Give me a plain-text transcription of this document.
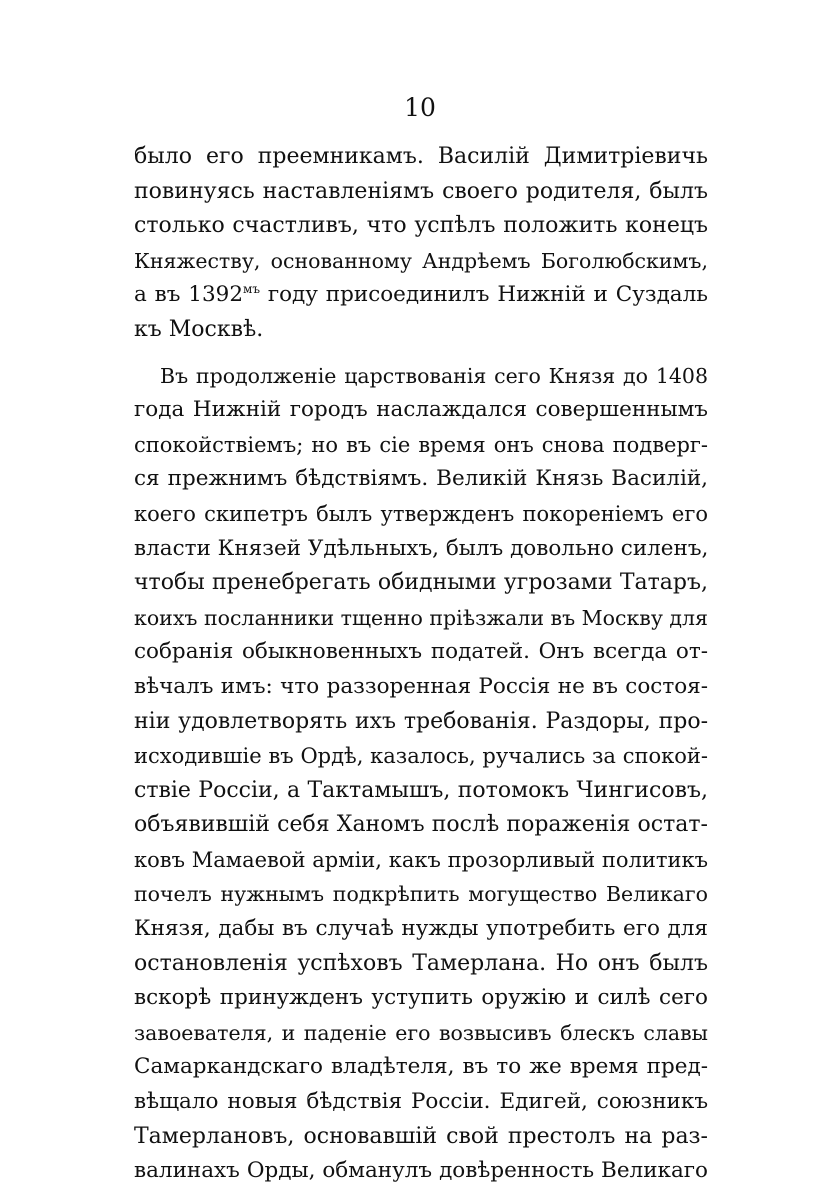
10
было его преемникамъ. Василій Димитріевичь
повинуясь наставленіямъ своего родителя, былъ
столько счастливъ, что успѣлъ положить конецъ
Княжеству, основанному Андрѣемъ Боголюбскимъ,
а въ $1392^{мъ}$ году присоединилъ Нижній и Суздаль
къ Москвѣ.
Въ продолженіе царствованія сего Князя до 1408
года Нижній городъ наслаждался совершеннымъ
спокойствіемъ; но въ сіе время онъ снова подверг-
ся прежнимъ бѣдствіямъ. Великій Князь Василій,
коего скипетръ былъ утвержденъ покореніемъ его
власти Князей Удѣльныхъ, былъ довольно силенъ,
чтобы пренебрегать обидными угрозами Татаръ,
коихъ посланники тщенно пріѣзжали въ Москву для
собранія обыкновенныхъ податей. Онъ всегда от-
вѣчалъ имъ: что раззоренная Россія не въ состоя-
ніи удовлетворять ихъ требованія. Раздоры, про-
исходившіе въ Ордѣ, казалось, ручались за спокой-
ствіе Россіи, а Тактамышъ, потомокъ Чингисовъ,
объявившій себя Ханомъ послѣ пораженія остат-
ковъ Мамаевой арміи, какъ прозорливый политикъ
почелъ нужнымъ подкрѣпить могущество Великаго
Князя, дабы въ случаѣ нужды употребить его для
остановленія успѣховъ Тамерлана. Но онъ былъ
вскорѣ принужденъ уступить оружію и силѣ сего
завоевателя, и паденіе его возвысивъ блескъ славы
Самаркандскаго владѣтеля, въ то же время пред-
вѣщало новыя бѣдствія Россіи. Едигей, союзникъ
Тамерлановъ, основавшій свой престолъ на раз-
валинахъ Орды, обманулъ довѣренность Великаго
